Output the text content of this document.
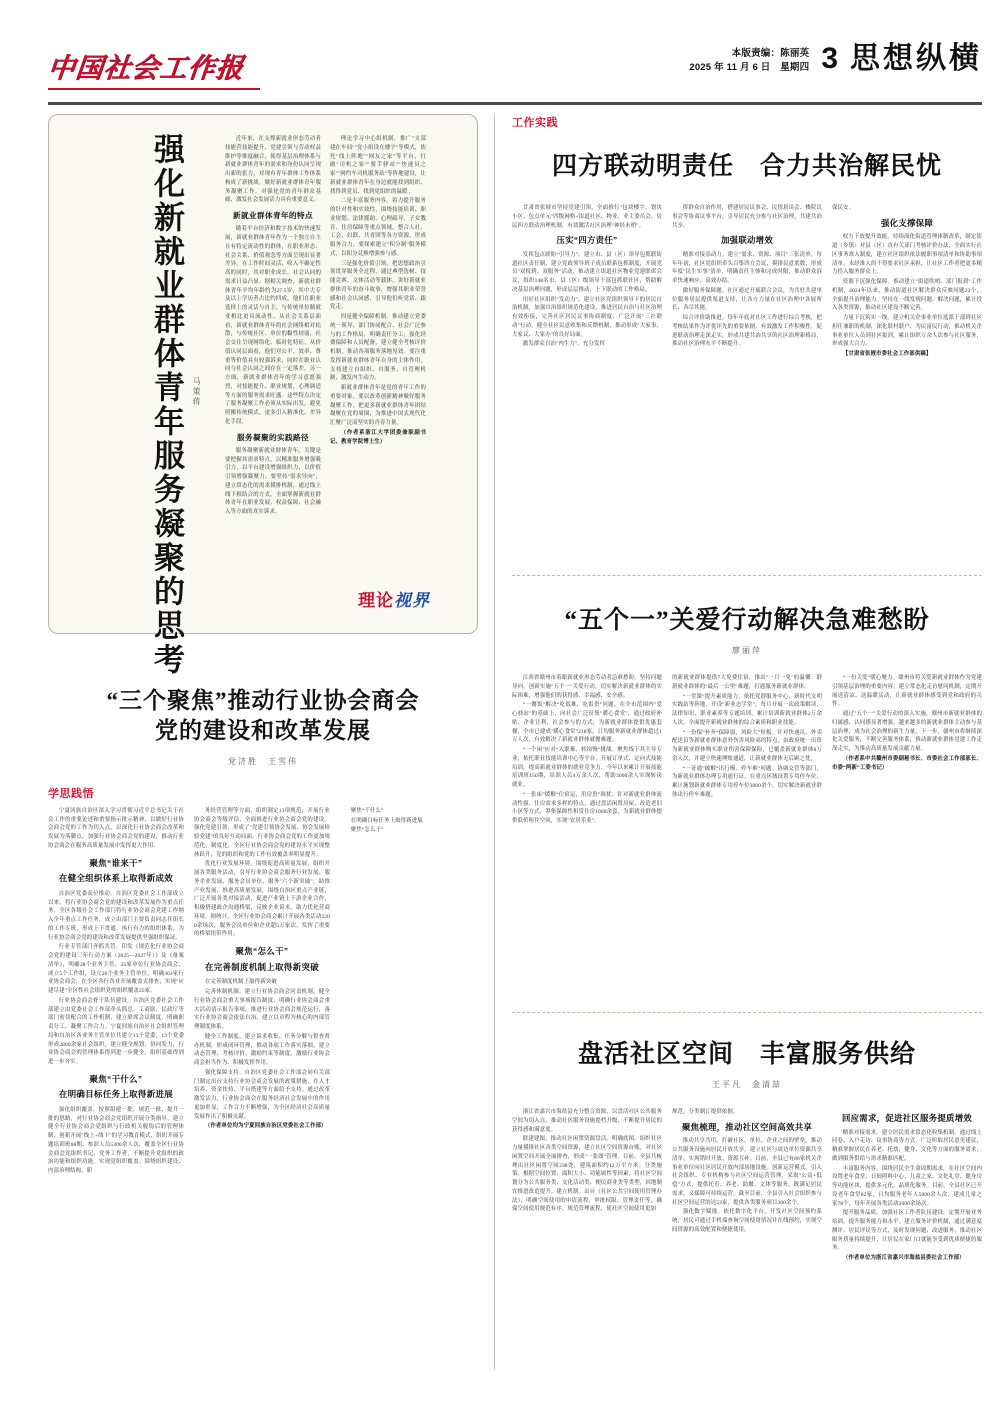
中国社会工作报	本版责编：陈丽英
2025 年 11 月 6 日　星期四 3 思想纵横
强化新就业群体青年服务凝聚的思考 马策蒋

近年来，在支撑新就业形态劳动者技能营技能提升、党建引领与劳动权益维护等维度融合，使得基层治理体系与新就业群体青年的需求和身份认同呈现出新的张力，对现有青年群体工作体系构成了新挑战。做好新就业群体青年服务凝聚工作，对强化党的青年群众基础、激发社会发展活力具有重要意义。

新就业群体青年的特点

随着平台经济和数字技术的快速发展，新就业群体青年作为一个独立自主且有特定流动性的群体，在职业形态、社会关系、价值观念等方面呈现出显著差异。在工作时间灵活、收入不确定性高的同时，其对职业成长、社会认同的需求日益凸显。据相关调查，新就业群体青年平均年龄约为27.5岁，其中大专及以上学历者占比约四成。他们在职业选择上的灵活与自主，与传统单位制就业相比更具流动性。从社会关系层面看，新就业群体青年的社会网络相对松散，与传统社区、单位的黏性较弱，社会交往呈现网络化、临时化特征。从价值认同层面看，他们对公平、效率、尊重等价值具有较强诉求，同时在职业认同与社会认同之间存在一定落差。另一方面，新就业群体青年的学习意愿强烈，对技能提升、职业规划、心理调适等方面的服务需求旺盛。这些特点决定了服务凝聚工作必须从实际出发，避免照搬传统模式，更多引入精准化、差异化手段。

服务凝聚的实践路径

服务凝聚新就业群体青年，关键是要把握其需求特点，以精准服务增强吸引力、以平台建设增强组织力、以价值引领增强凝聚力。要坚持"需求导向"，建立常态化的需求摸排机制，通过线上线下相结合的方式，全面掌握新就业群体青年在职业发展、权益保障、社会融入等方面的真实诉求。

理论学习中心组机制，推广"支部建在车间""党小组设在楼宇"等模式，依托"线上阵地""网友之家"等平台，打破"司机之家""骑手驿站""快递员之家""网约车司机服务站"等阵地建设，让新就业群体青年在身边就能找到组织、找得到党员、找到党组织的温暖。

二是丰富服务内容。着力提升服务的针对性和实效性，围绕技能培训、职业规划、法律援助、心理疏导、子女教育、住房保障等重点领域，整合人社、工会、妇联、共青团等各方资源，形成服务合力。要探索建立"积分制"服务模式，以积分兑换增强参与感。

三是强化价值引领。把思想政治引领贯穿服务全过程，通过典型选树、技能竞赛、文体活动等载体，讲好新就业群体青年的奋斗故事，增强其职业荣誉感和社会认同感，引导他们听党话、跟党走。

四是健全保障机制。推动建立党委统一领导、部门协同配合、社会广泛参与的工作格局，明确责任分工，强化经费保障和人员配备，建立健全考核评价机制，推动各项服务落地见效。要注重发挥新就业群体青年自身的主体作用，支持建立自组织、自服务、自管理机制，激发内生动力。

新就业群体青年是党的青年工作的重要对象。要以改革创新精神做好服务凝聚工作，把更多新就业群体青年团结凝聚在党的周围，为推进中国式现代化汇聚广泛而坚实的青春力量。

（作者系浙江大学团委兼职副书记、教育学院博士生）

理论视界
“三个聚焦”推动行业协会商会
党的建设和改革发展
党济胜　王雪伟
学思践悟

宁夏回族自治区深入学习贯彻习近平总书记关于社会工作的重要论述和重要指示批示精神，以做好行业协会商会党的工作为切入点，以深化行业协会商会改革和发展为落脚点，加强行业协会商会党的建设，推动行业协会商会在服务高质量发展中发挥更大作用。

聚焦“谁来干”
在健全组织体系上取得新成效

自治区党委高位推动。自治区党委社会工作部成立以来，将行业协会商会党的建设和改革发展作为重点任务，全区各级社会工作部门将行业协会商会党建工作纳入全年重点工作任务，成立由部门主要负责同志任组长的工作专班，形成上下贯通、执行有力的组织体系，为行业协会商会党的建设和改革发展提供坚强组织保证。

行业专管部门齐抓共管。印发《规范化行业协会商会党的建设三年行动方案（2025—2027年）》及《备案清单》，明确28个业务主管、35家单位行业协会商会，成立5个工作组，设立26个业务主管单位，明确303家行业协会商会，在全区各行各业开展覆盖式排查，实现"应建尽建"全区性社会组织党的组织覆盖25家。

行业协会商会骨干队伍建设。自治区党委社会工作部建立由党委社会工作部牵头抓总，工商联、民政厅等部门密切配合的工作机制，建立联席会议制度，明确职责分工，凝聚工作合力。宁夏回族自治区社会组织管理局和自治区各业务主管单位共建立13个党委，13个党委形成2860余家社会组织。建立健全规划、协同发力，行业协会商会的管理体系得到进一步健全，组织基础得到进一步夯实。

聚焦“干什么”
在明确目标任务上取得新进展

强化组织覆盖。按照组建一批、规范一批、提升一批的思路，对行业协会商会党组织开展分类指导，建立健全行业协会商会党组织与行政机关脱钩后的管理体制，创新开展"线上+线下"的学习教育模式，组织开展专题培训班68期、参训人员5300余人次，覆盖全区行业协会商会党组织书记、党务工作者，不断提升党组织的政治功能和组织功能。实现党组织覆盖。围绕组织建设、内部治理结构、职

务经营管理等方面，组织制定13项规范，开展行业协会商会等级评估，全面推进行业协会商会党的建设。强化党建引领，形成了"党建引领协会发展、协会发展检验党建"的良好互动局面，行业协会商会党的工作更加规范化、制度化。全区行业协会商会党的建设水平实现整体跃升，党的组织和党的工作有效覆盖率明显提升。

优化行业发展环境。围绕促进高质量发展，组织开展各类服务活动，引导行业协会商会服务行业发展、服务企业发展、服务会员单位，服务"六个新突破"，助推产业发展、推进高质量发展。围绕自治区重点产业链，广泛开展各类对接活动，促进产业链上下游企业合作，积极搭建政企沟通桥梁，反映企业诉求，助力优化营商环境。据统计，全区行业协会商会累计开展各类活动2200余场次，服务会员单位和企业超5万家次，发挥了重要的桥梁纽带作用。

聚焦“怎么干”
在完善制度机制上取得新突破

在完善制度机制上取得新突破

完善体制机制。建立行业协会商会问责机制，健全行业协会商会重大事项报告制度，明确行业协会商会重大活动请示报告事项，推进行业协会商会规范运行，落实行业协会商会依法自治，建立以章程为核心的内部管理制度体系。

健全工作制度。建立诉求收集、任务分解与督查督办机制，形成闭环管理，推动各项工作落实落细。建立动态管理、考核评价、激励约束等制度，激励行业协会商会担当作为、积极发挥作用。

强化保障支持。自治区党委社会工作部会同有关部门制定出台支持行业协会商会发展的政策措施，在人才培养、资金扶持、平台搭建等方面给予支持。通过改革激发活力，行业协会商会在服务经济社会发展中的作用更加彰显，工作合力不断增强，为全区经济社会高质量发展作出了积极贡献。

（作者单位均为宁夏回族自治区党委社会工作部）

聚焦“干什么”

在明确目标任务上取得新进展

聚焦“怎么干”

工作实践
四方联动明责任　合力共治解民忧

甘肃省张掖市坚持党建引领，全面推行"包块楼宇、划块小区、包点单元"四级网格+街道社区、物业、业主委员会、居民四方联动治理机制，有效激活社区治理"神经末梢"。

压实“四方责任”

发挥包点联防“引导力”。建立市、县（区）领导包抓联街道社区责任制，建立党政领导班子成员联系包抓制度，开展党员"双报到、双服务"活动，推动建立街道社区物业党建联席会议，组织148名市、县（区）级领导干部包抓联社区，帮助解决基层治理问题，形成层层推动、上下联动的工作格局。

用好社区组织"发动力"。建立社区党组织领导下的居民自治机制，加强自治组织规范化建设，推进居民自治与社区治理有效衔接，完善社区居民议事协商制度，广泛开展"三社联动"行动，健全社区民意收集和反馈机制，推动形成"大家事、大家议、大家办"的良好局面。

激发群众自治"内生力"。充分发挥

挥群众自治作用，搭建居民议事会、民情恳谈会、楼院议事会等协商议事平台，引导居民充分参与社区治理，共建共治共享。

加强联动增效

精准对接添动力。建立"需求、资源、项目"三张清单，每年年初，社区党组织牵头召集四方会议，摸排民意底数，形成年度"民生实事"清单，明确责任主体和完成时限，推动群众诉求快速响应、高效办结。

做好服务保障题。社区通过开展联合会议，为共驻共建单位服务居民提供渠道支持，让各方力量在社区治理中各展所长、各尽其能。

综合评价助推进。每年年底对社区工作进行综合考核，把考核结果作为评优评先的重要依据，有效激发工作积极性，促进联动治理走深走实，形成共建共治共享的社区治理新格局，推动社区治理水平不断提升。

保民安。

强化支撑保障

权力下放提升效能。持续深化街道管理体制改革，制定街道（乡镇）对县（区）直有关部门考核评价办法，全面实行社区事务准入制度，建立社区组织依法履职事项清单和协助事项清单，未经准入的不得要求社区承担，让社区工作者把更多精力投入服务群众上。

资源下沉强化保障。推动建立"街道吹哨、部门报到"工作机制，2024年以来，推动街道社区解决群众反映问题23个，全面提升治理能力。坚持在一线发现问题、解决问题，累计投入各类资源，推动社区建设不断完善。

力量下沉筑实一线。建立机关企事业单位选派干部到社区担任兼职的机制，深化联村联户、为民富民行动，推动机关企事业单位人员到社区报到，累计组织万余人次参与社区服务，形成强大合力。

【甘肃省张掖市委社会工作部供稿】

“五个一”关爱行动解决急难愁盼
廖丽萍

江西省赣州市着眼新就业形态劳动者急难愁盼，坚持问题导向，创新实施"五个一"关爱行动，切实解决新就业群体的实际困难，增强他们的获得感、幸福感、安全感。

“一餐饭”解决“吃饭难，吃饭贵”问题。在全市范围内"爱心驿站"的基础上，向社会广泛征集"暖心食堂"，通过政府补贴、企业让利、社会参与的方式，为新就业群体提供优惠套餐，全市已建成"暖心食堂"218家，日均服务新就业群体超过1万人次，有效解决了新就业群体就餐难题。

“一个闲”应对“入职难、转岗慢”挑战。聚焦线下其主导专业，依托职业技能培训中心等平台，开展订单式、定向式技能培训，提高新就业群体的就业竞争力。今年以来累计开展技能培训班150期，培训人员4万余人次，帮助3000余人实现转岗就业。

“一张床”缓解“住宿运、用房贵”困扰。针对新就业群体流动性强、住房需求多样的特点，通过盘活闲置房屋、改造老旧小区等方式，筹集保障性租赁住房1000余套，为新就业群体提供低价租住空间，实现"安居乐业"。

的新就业群体提供7大免费住宿，推出"一月一免"的温馨：群新就业群体的"最后一公里"难题，打通服务新就业群体。

“一堂课”提升素质能力。依托党群服务中心、新时代文明实践站等阵地，开设"新业态学堂"，每月开展一次政策解读、法律知识、职业素养等专题培训，累计培训新就业群体2万余人次，全面提升新就业群体的综合素质和职业技能。

“一份保”补齐“保障弱、风险大”短板。针对快递员、外卖配送员等新就业群体意外伤害风险高的特点，由政府统一出资为新就业群体购买职业伤害保障保险，已覆盖新就业群体8万余人次，并建立快速理赔通道，让新就业群体无后顾之忧。

“一证通”破解“出行慢、停车难”问题。协调交管等部门，为新就业群体办理专用通行证，在重点区域设置专用停车位，累计施划新就业群体专用停车位3000余个，切实解决新就业群体出行停车难题。

“一份关爱”暖心聚力。赣州市将关爱新就业群体作为党建引领基层治理的重要内容，建立常态化走访慰问机制，定期开展送清凉、送温暖活动，让新就业群体感受到党和政府的关怀。

通过"五个一"关爱行动的深入实施，赣州市新就业群体的归属感、认同感显著增强，越来越多的新就业群体主动参与基层治理，成为社会治理的新生力量。下一步，赣州市将继续深化关爱服务，不断完善服务体系，推动新就业群体党建工作走深走实，为推动高质量发展贡献力量。

（作者系中共赣州市委副秘书长、市委社会工作部部长、市委“两新”工委书记）

盘活社区空间　丰富服务供给
王平凡　金清喆

浙江省嘉兴市海盐县充分整合资源，以盘活社区公共服务空间为切入点，推动社区服务设施提档升级，不断提升居民的获得感和满意度。

联建建图，推动社区闲置资源盘活。明确底图。组织社区力量摸排社区各类空间资源，建立社区空间资源台账，对社区闲置空间开展全面排查，形成"一张图"管理。目前，全县共梳理出社区闲置空间238处，建筑面积约12万平方米。分类施策。根据空间位置、面积大小、功能属性等因素，将社区空间划分为公共服务类、文化活动类、便民商业类等类型，因地制宜推进改造提升。建立机制。出台《社区公共空间使用管理办法》，明确空间使用的申请流程、审批权限、管理责任等，确保空间使用规范有序。规范管理流程，使社区空间使用更加

规范，分类制订提供依据。

聚焦梳理，推动社区空间高效共享

推动共享共用。打破社区、单位、企业之间的壁垒，推动公共服务设施向居民开放共享，建立社区与周边单位资源共享清单，实现错时开放、资源互补。目前，全县已有86家机关企事业单位向社区居民开放内部场地设施。创新运营模式。引入社会组织、专业机构参与社区空间运营管理，采取"公益+低偿"方式，提供托育、养老、助餐、文体等服务，既满足居民需求，又保障可持续运营。截至目前，全县引入社会组织参与社区空间运营的达53家，提供各类服务项目300余个。

强化数字赋能。依托数字化平台，开发社区空间预约系统，居民可通过手机端查询空间使用情况并在线预约，实现空间资源的高效配置和便捷使用。

回应需求，促进社区服务提质增效

精准对接需求。建立居民需求常态化收集机制，通过线上问卷、入户走访、议事协商等方式，广泛听取居民意见建议，精准掌握居民在养老、托幼、健身、文化等方面的服务需求，做到服务供给与需求精准匹配。

丰富服务内容。围绕居民全生命周期需求，在社区空间内设置老年食堂、日间照料中心、儿童之家、文化礼堂、健身房等功能区块，提供多元化、品质化服务。目前，全县社区已开设老年食堂62家，日均服务老年人5000余人次；建成儿童之家78个，每年开展各类活动2000余场次。

提升服务品质。加强社区工作者队伍建设，定期开展业务培训，提升服务能力和水平。建立服务评价机制，通过满意度测评、居民评议等方式，及时发现问题、改进服务，推动社区服务质量持续提升，让居民在家门口就能享受到优质便捷的服务。

（作者单位为浙江省嘉兴市海盐县委社会工作部）
